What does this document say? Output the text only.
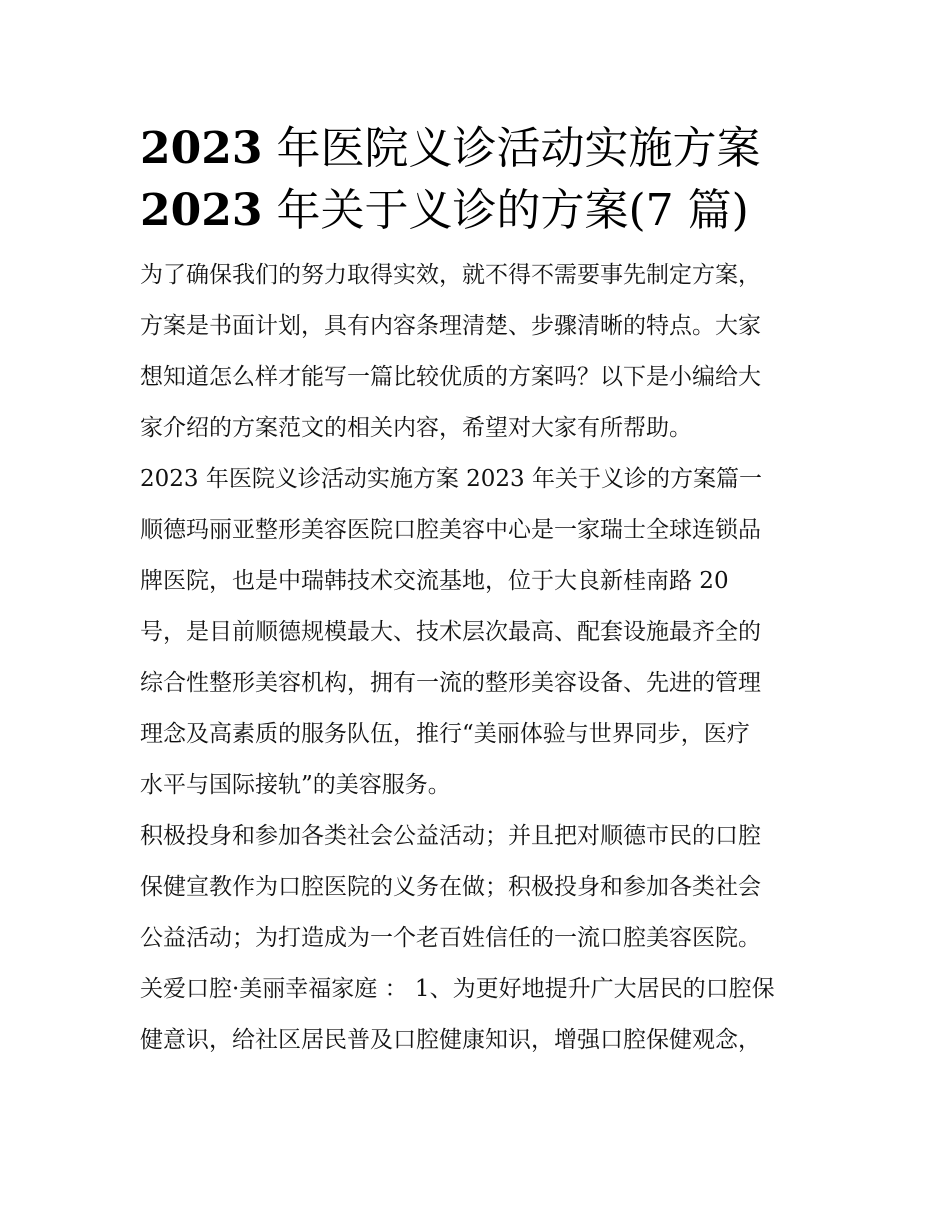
2023 年医院义诊活动实施方案
2023 年关于义诊的方案(7 篇)
为了确保我们的努力取得实效，就不得不需要事先制定方案，
方案是书面计划，具有内容条理清楚、步骤清晰的特点。大家
想知道怎么样才能写一篇比较优质的方案吗？以下是小编给大
家介绍的方案范文的相关内容，希望对大家有所帮助。
2023 年医院义诊活动实施方案 2023 年关于义诊的方案篇一
顺德玛丽亚整形美容医院口腔美容中心是一家瑞士全球连锁品
牌医院，也是中瑞韩技术交流基地，位于大良新桂南路 20
号，是目前顺德规模最大、技术层次最高、配套设施最齐全的
综合性整形美容机构，拥有一流的整形美容设备、先进的管理
理念及高素质的服务队伍，推行“美丽体验与世界同步，医疗
水平与国际接轨”的美容服务。
积极投身和参加各类社会公益活动；并且把对顺德市民的口腔
保健宣教作为口腔医院的义务在做；积极投身和参加各类社会
公益活动；为打造成为一个老百姓信任的一流口腔美容医院。
关爱口腔·美丽幸福家庭 ： 1、为更好地提升广大居民的口腔保
健意识，给社区居民普及口腔健康知识，增强口腔保健观念，
